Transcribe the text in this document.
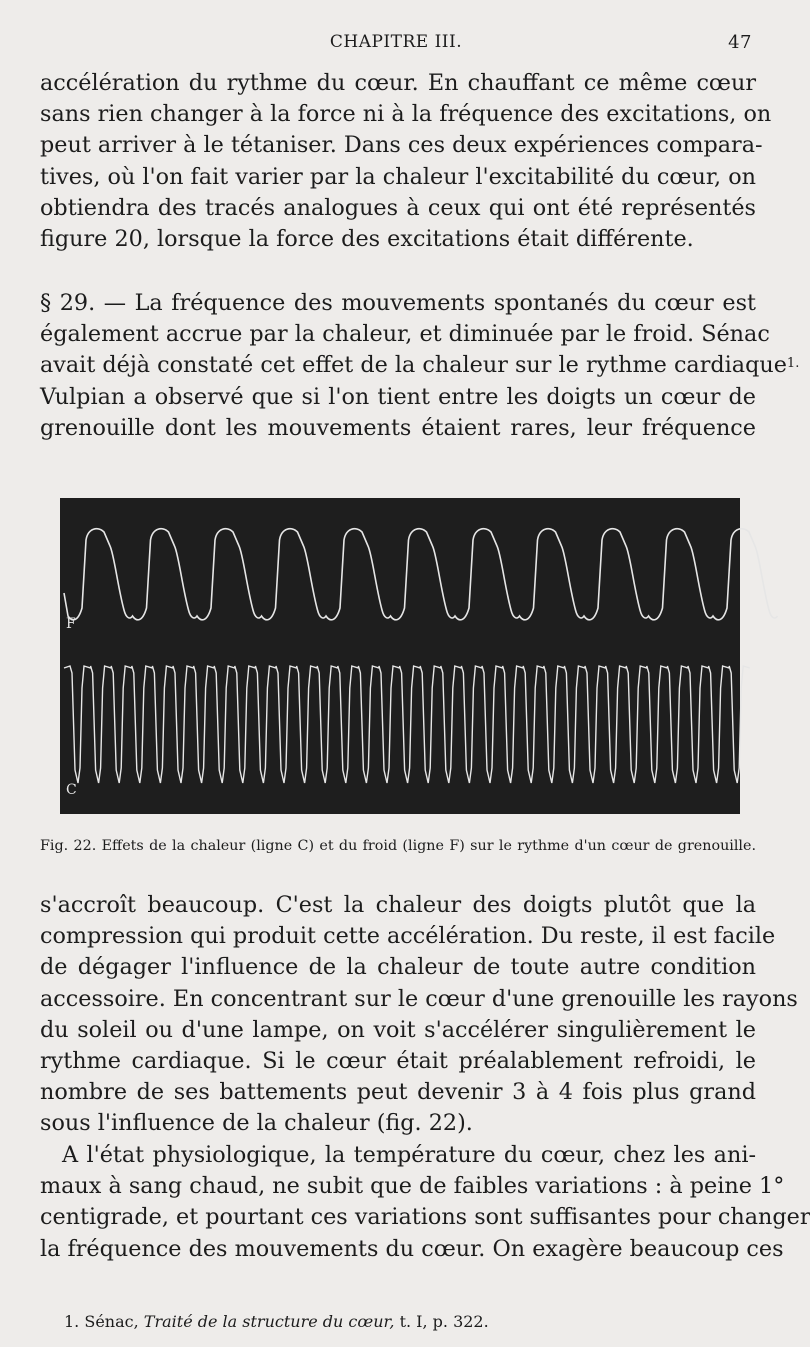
CHAPITRE III.	47
accélération du rythme du cœur. En chauffant ce même cœur
sans rien changer à la force ni à la fréquence des excitations, on
peut arriver à le tétaniser. Dans ces deux expériences compara-
tives, où l'on fait varier par la chaleur l'excitabilité du cœur, on
obtiendra des tracés analogues à ceux qui ont été représentés
figure 20, lorsque la force des excitations était différente.
§ 29. — La fréquence des mouvements spontanés du cœur est
également accrue par la chaleur, et diminuée par le froid. Sénac
avait déjà constaté cet effet de la chaleur sur le rythme cardiaque$^{1.}$
Vulpian a observé que si l'on tient entre les doigts un cœur de
grenouille dont les mouvements étaient rares, leur fréquence
F
C
Fig. 22. Effets de la chaleur (ligne C) et du froid (ligne F) sur le rythme d'un cœur de grenouille.
s'accroît beaucoup. C'est la chaleur des doigts plutôt que la
compression qui produit cette accélération. Du reste, il est facile
de dégager l'influence de la chaleur de toute autre condition
accessoire. En concentrant sur le cœur d'une grenouille les rayons
du soleil ou d'une lampe, on voit s'accélérer singulièrement le
rythme cardiaque. Si le cœur était préalablement refroidi, le
nombre de ses battements peut devenir 3 à 4 fois plus grand
sous l'influence de la chaleur (fig. 22).
A l'état physiologique, la température du cœur, chez les ani-
maux à sang chaud, ne subit que de faibles variations : à peine 1°
centigrade, et pourtant ces variations sont suffisantes pour changer
la fréquence des mouvements du cœur. On exagère beaucoup ces
1. Sénac, Traité de la structure du cœur, t. I, p. 322.
